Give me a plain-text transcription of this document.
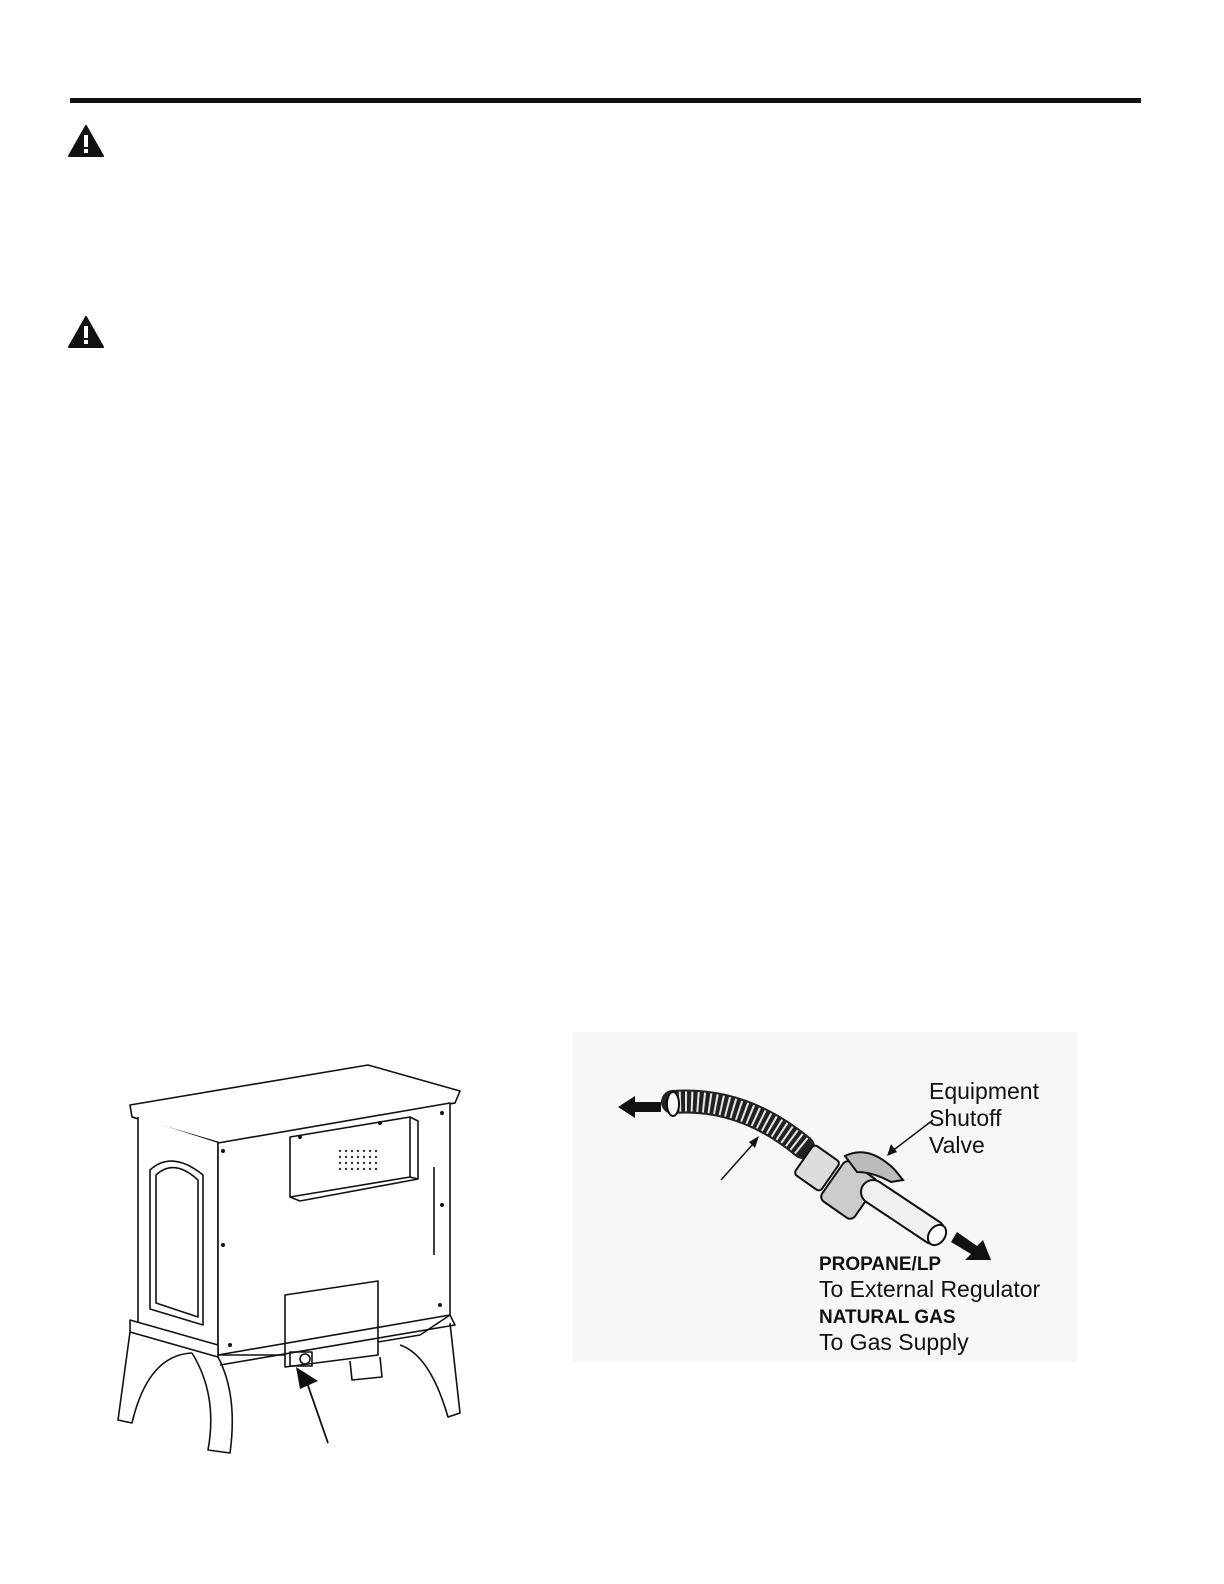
Equipment
Shutoff
Valve
PROPANE/LP
To External Regulator
NATURAL GAS
To Gas Supply
